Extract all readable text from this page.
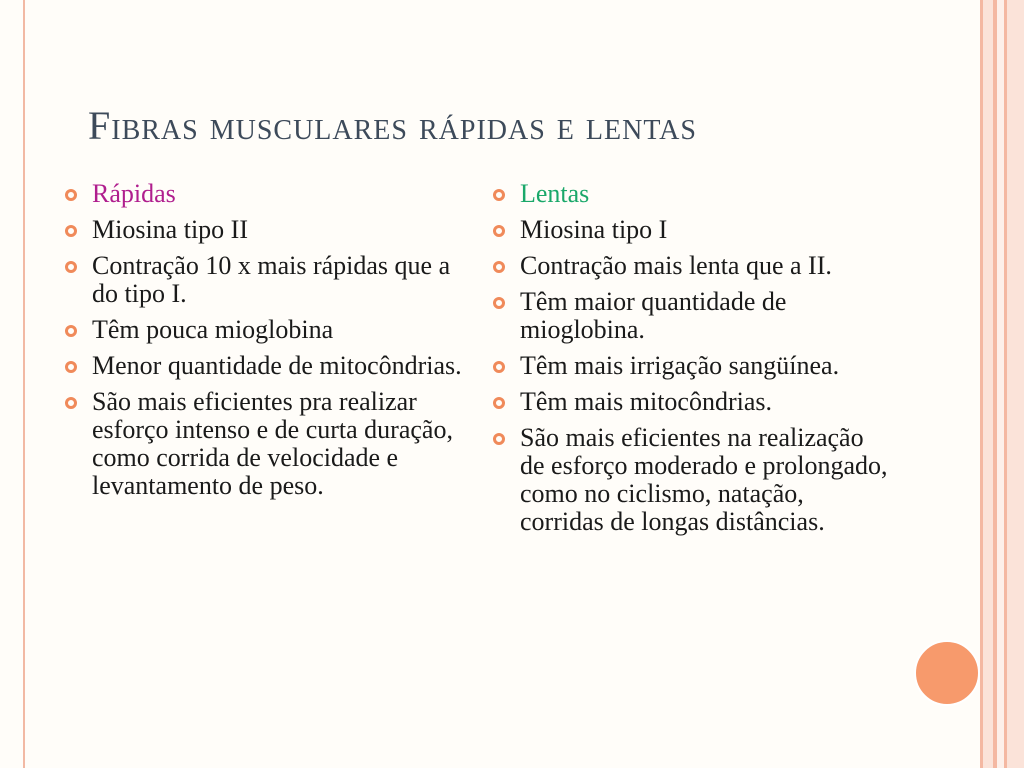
Fibras musculares rápidas e lentas
Rápidas
Miosina tipo II
Contração 10 x mais rápidas que a do tipo I.
Têm pouca mioglobina
Menor quantidade de mitocôndrias.
São mais eficientes pra realizar esforço intenso e de curta duração, como corrida de velocidade e levantamento de peso.
Lentas
Miosina tipo I
Contração mais lenta que a II.
Têm maior quantidade de mioglobina.
Têm mais irrigação sangüínea.
Têm mais mitocôndrias.
São mais eficientes na realização de esforço moderado e prolongado, como no ciclismo, natação, corridas de longas distâncias.
